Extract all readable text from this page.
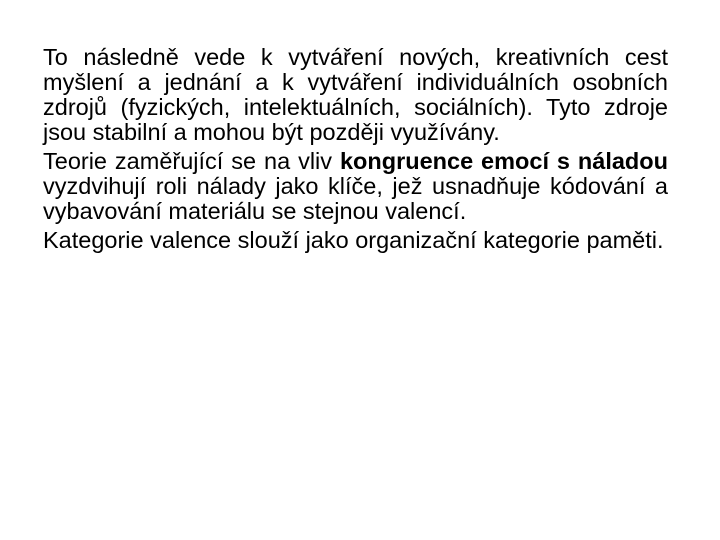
To následně vede k vytváření nových, kreativních cest myšlení a jednání a k vytváření individuálních osobních zdrojů (fyzických, intelektuálních, sociálních). Tyto zdroje jsou stabilní a mohou být později využívány.

Teorie zaměřující se na vliv kongruence emocí s náladou vyzdvihují roli nálady jako klíče, jež usnadňuje kódování a vybavování materiálu se stejnou valencí.

Kategorie valence slouží jako organizační kategorie paměti.
